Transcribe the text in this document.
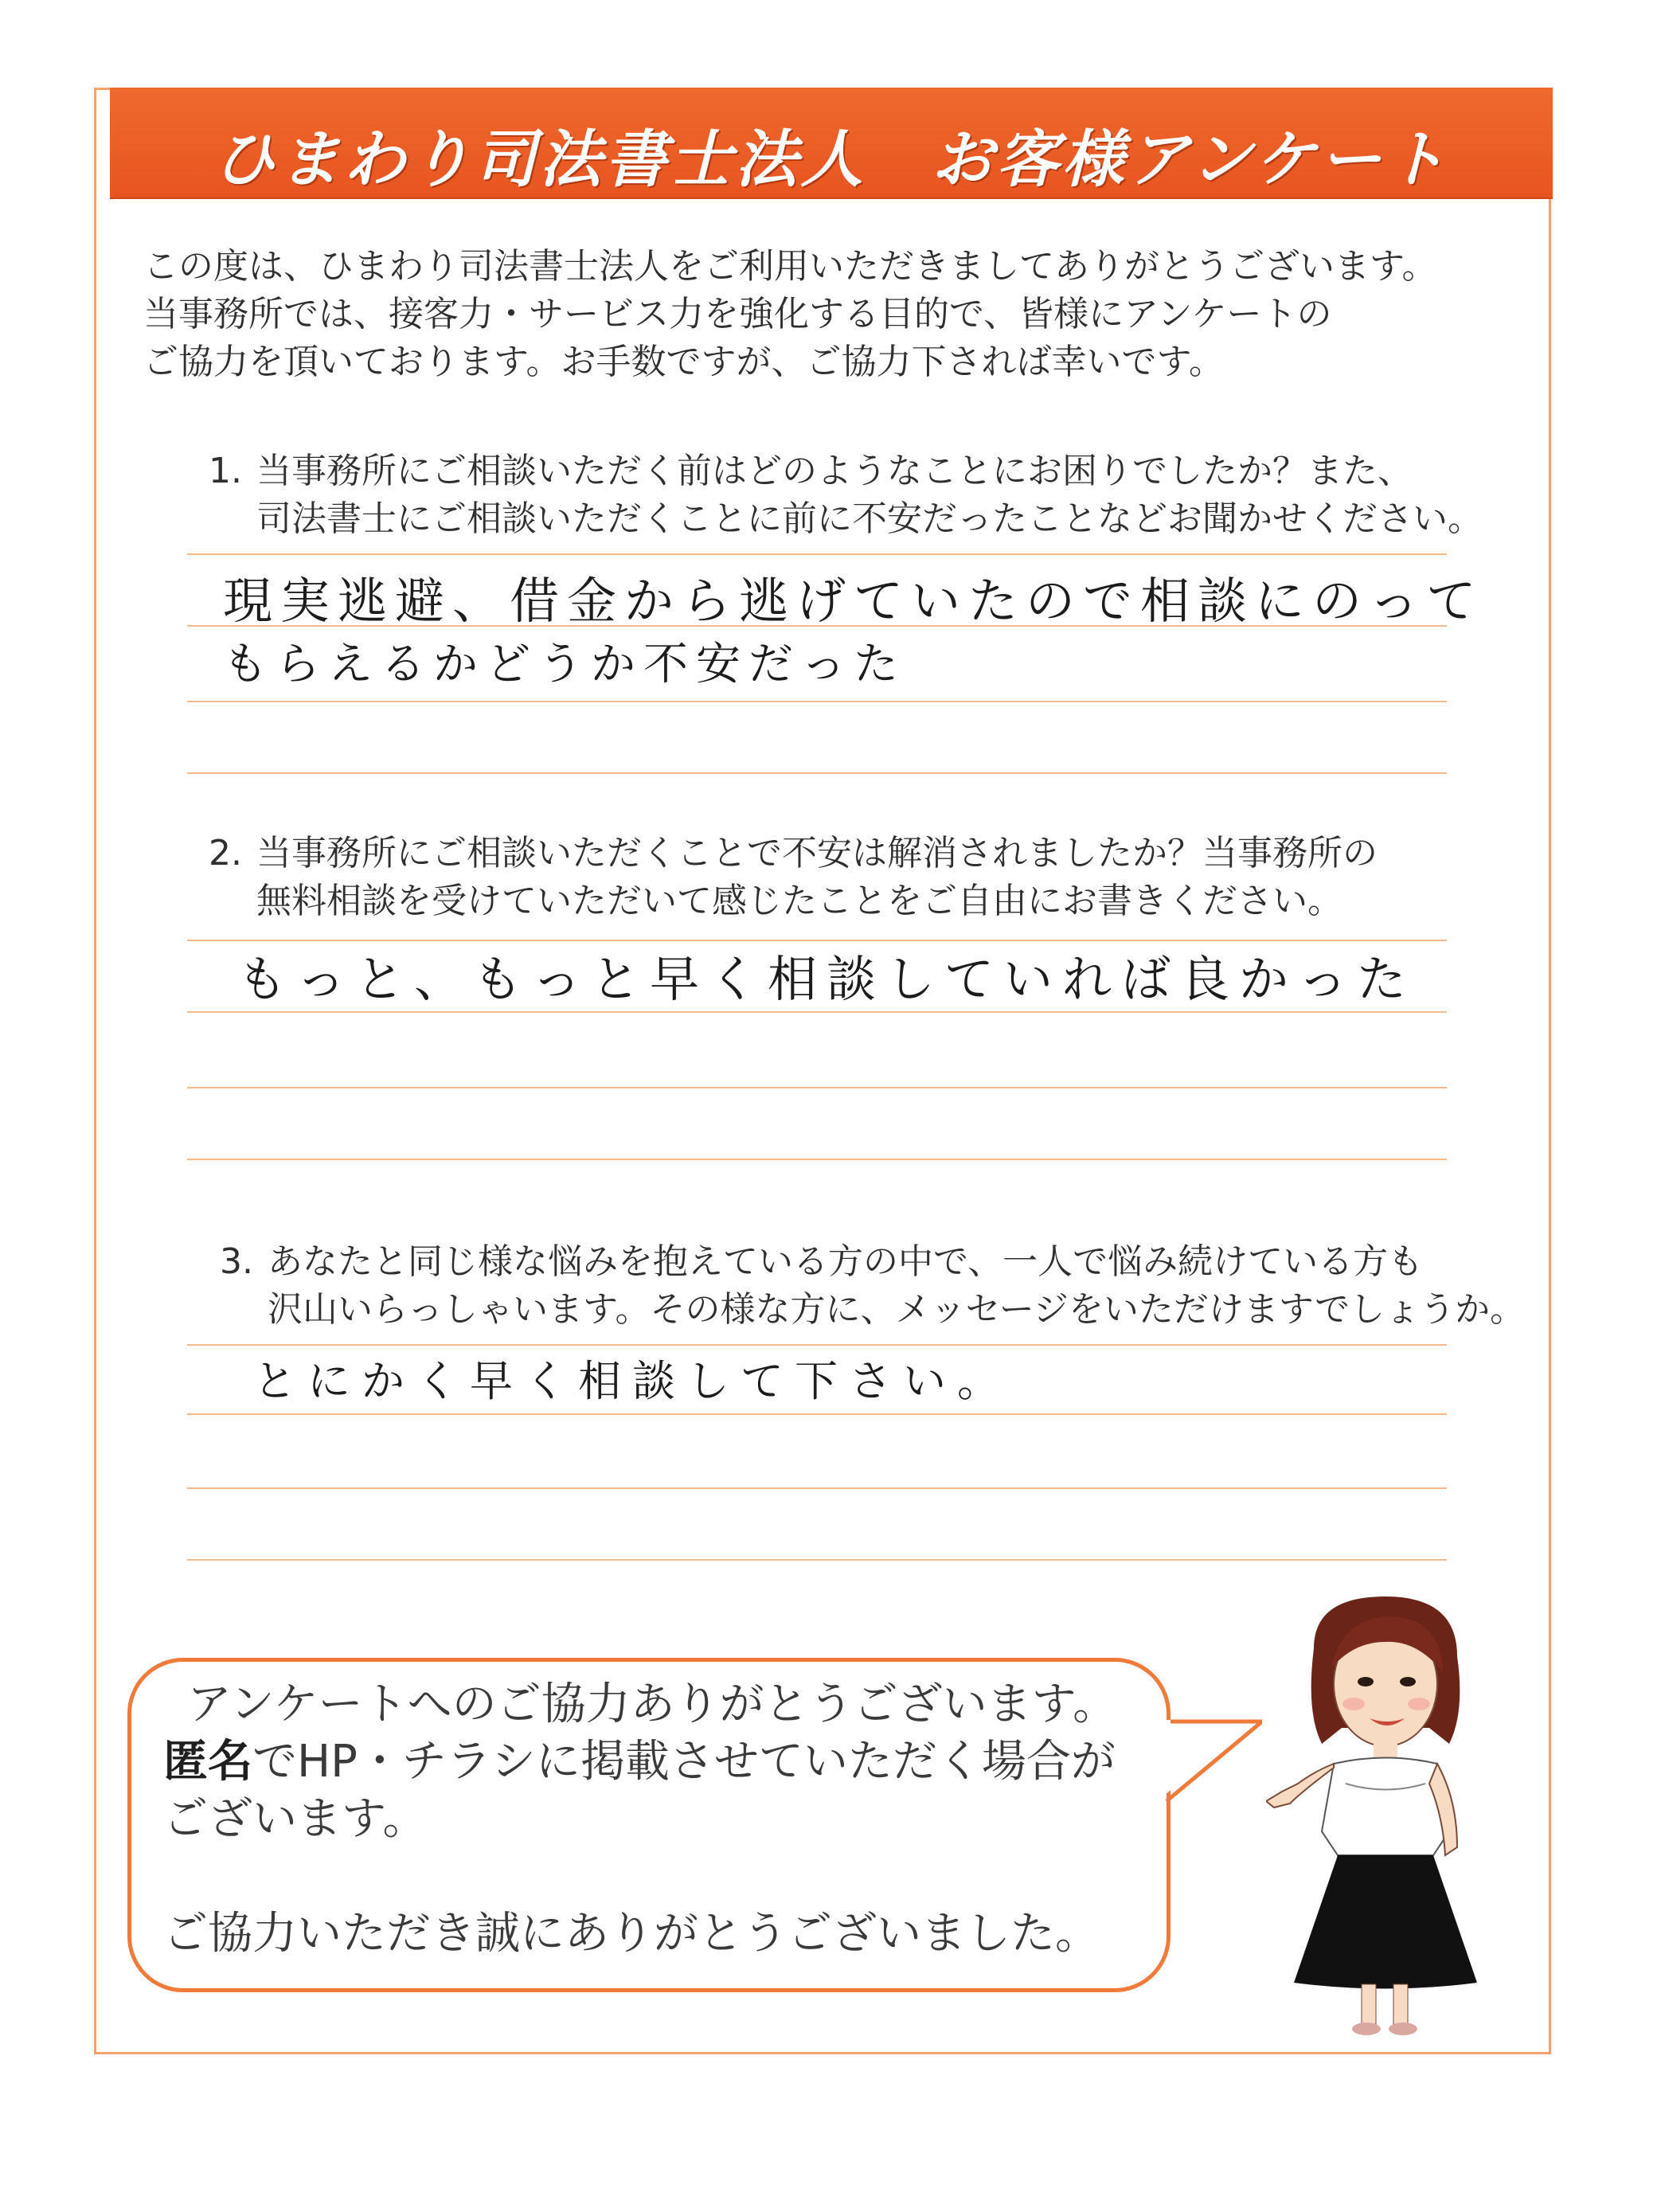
ひまわり司法書士法人　お客様アンケート

この度は、ひまわり司法書士法人をご利用いただきましてありがとうございます。

当事務所では、接客力・サービス力を強化する目的で、皆様にアンケートの

ご協力を頂いております。お手数ですが、ご協力下されば幸いです。

1. 当事務所にご相談いただく前はどのようなことにお困りでしたか？また、
司法書士にご相談いただくことに前に不安だったことなどお聞かせください。
現実逃避、借金から逃げていたので相談にのって
もらえるかどうか不安だった
2. 当事務所にご相談いただくことで不安は解消されましたか？当事務所の
無料相談を受けていただいて感じたことをご自由にお書きください。
もっと、もっと早く相談していれば良かった
3. あなたと同じ様な悩みを抱えている方の中で、一人で悩み続けている方も
沢山いらっしゃいます。その様な方に、メッセージをいただけますでしょうか。
とにかく早く相談して下さい。
アンケートへのご協力ありがとうございます。
匿名でHP・チラシに掲載させていただく場合が
ございます。
ご協力いただき誠にありがとうございました。
